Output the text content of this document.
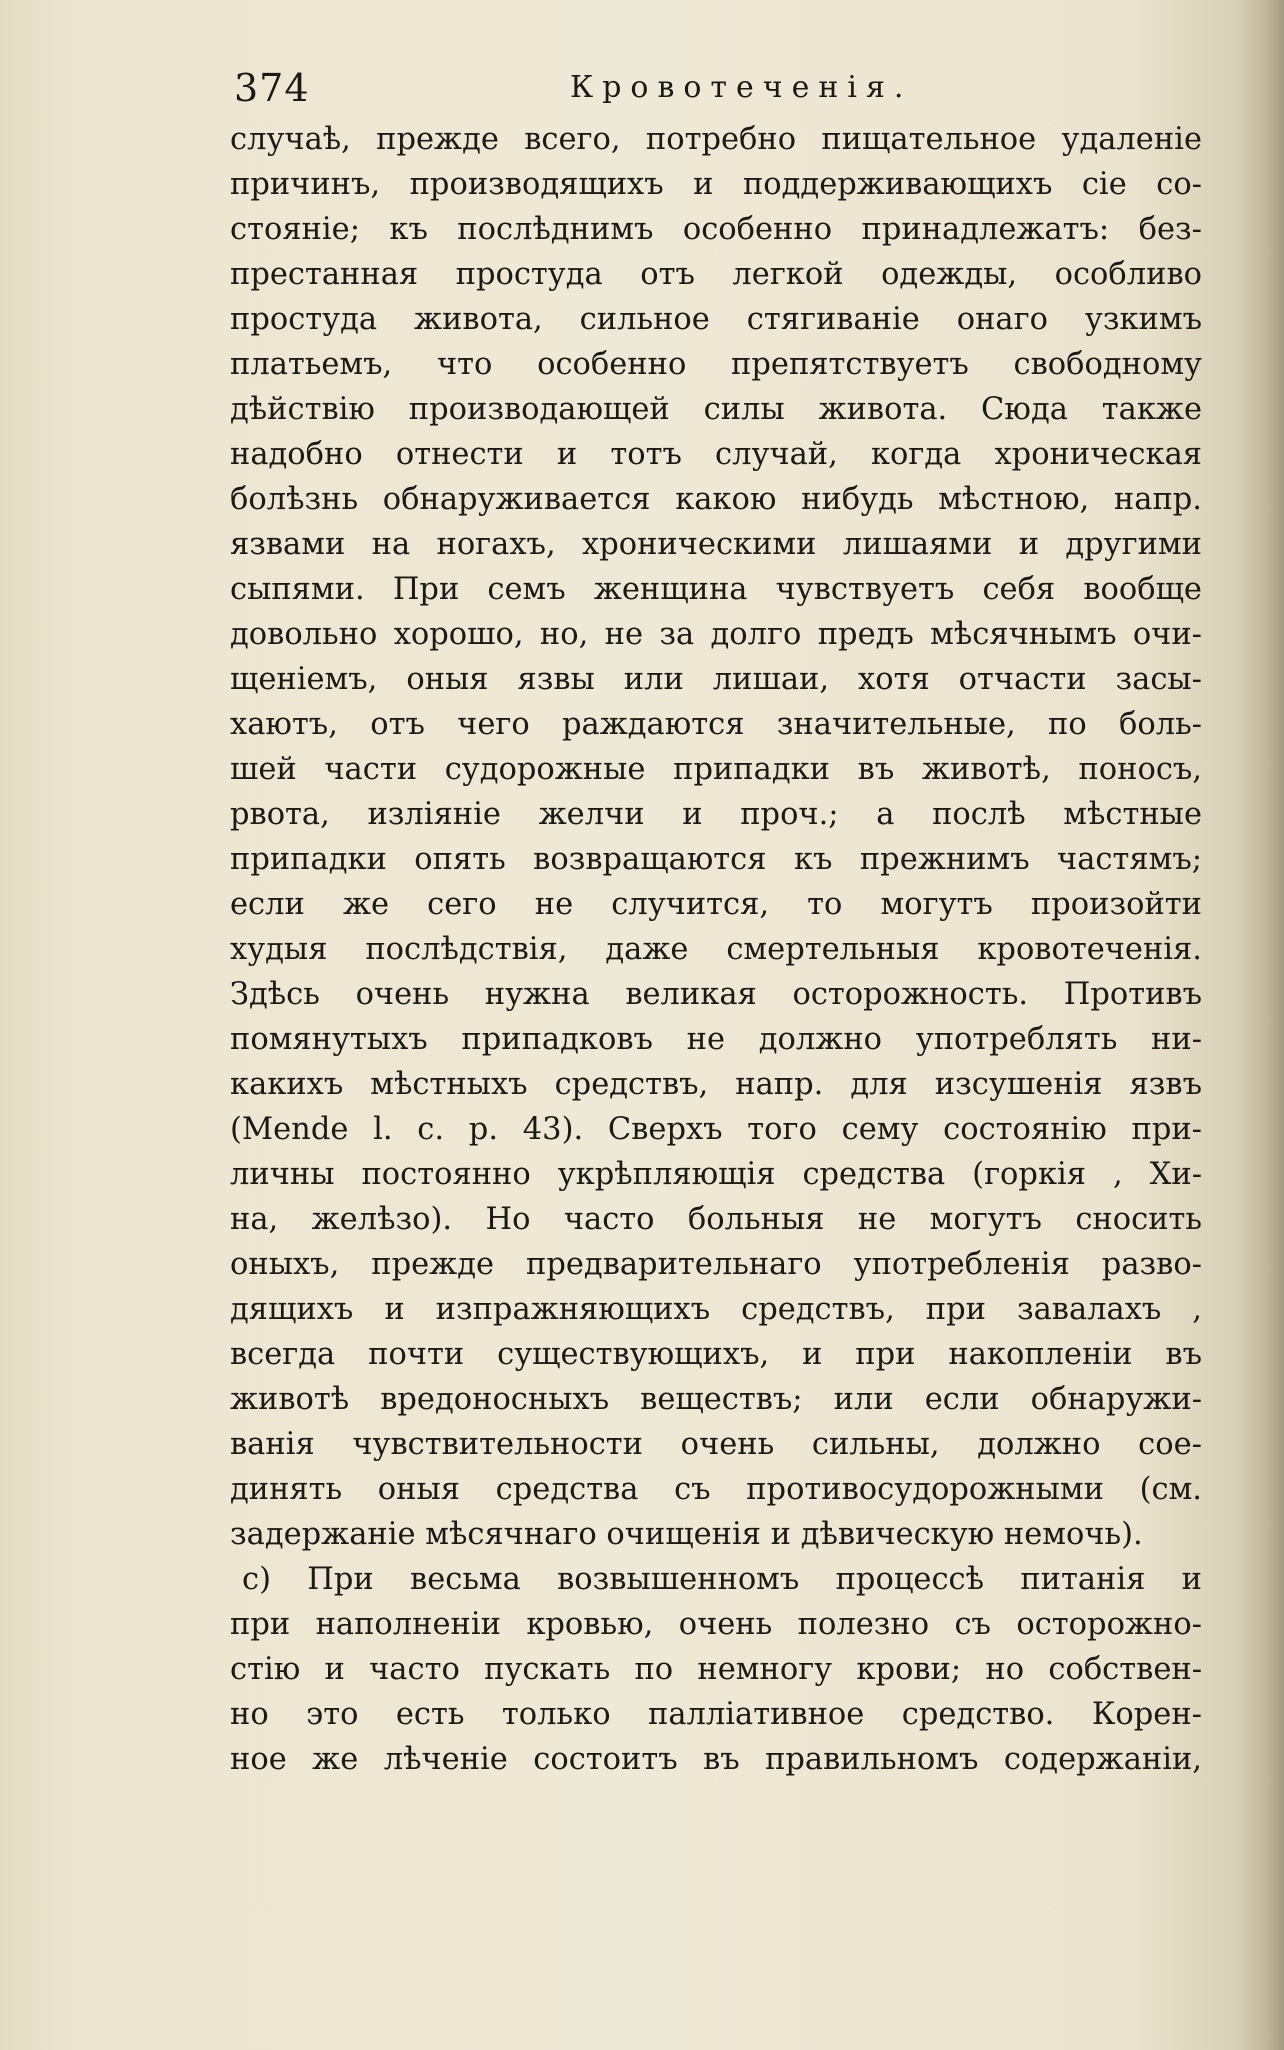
374	Кровотеченія.
случаѣ, прежде всего, потребно пищательное удаленіе
причинъ, производящихъ и поддерживающихъ сіе со-
стояніе; къ послѣднимъ особенно принадлежатъ: без-
престанная простуда отъ легкой одежды, особливо
простуда живота, сильное стягиваніе онаго узкимъ
платьемъ, что особенно препятствуетъ свободному
дѣйствію производающей силы живота. Сюда также
надобно отнести и тотъ случай, когда хроническая
болѣзнь обнаруживается какою нибудь мѣстною, напр.
язвами на ногахъ, хроническими лишаями и другими
сыпями. При семъ женщина чувствуетъ себя вообще
довольно хорошо, но, не за долго предъ мѣсячнымъ очи-
щеніемъ, оныя язвы или лишаи, хотя отчасти засы-
хаютъ, отъ чего раждаются значительные, по боль-
шей части судорожные припадки въ животѣ, поносъ,
рвота, изліяніе желчи и проч.; а послѣ мѣстные
припадки опять возвращаются къ прежнимъ частямъ;
если же сего не случится, то могутъ произойти
худыя послѣдствія, даже смертельныя кровотеченія.
Здѣсь очень нужна великая осторожность. Противъ
помянутыхъ припадковъ не должно употреблять ни-
какихъ мѣстныхъ средствъ, напр. для изсушенія язвъ
(Mende l. c. p. 43). Сверхъ того сему состоянію при-
личны постоянно укрѣпляющія средства (горкія , Хи-
на, желѣзо). Но часто больныя не могутъ сносить
оныхъ, прежде предварительнаго употребленія разво-
дящихъ и изпражняющихъ средствъ, при завалахъ ,
всегда почти существующихъ, и при накопленіи въ
животѣ вредоносныхъ веществъ; или если обнаружи-
ванія чувствительности очень сильны, должно сое-
динять оныя средства съ противосудорожными (см.
задержаніе мѣсячнаго очищенія и дѣвическую немочь).
c) При весьма возвышенномъ процессѣ питанія и
при наполненіи кровью, очень полезно съ осторожно-
стію и часто пускать по немногу крови; но собствен-
но это есть только палліативное средство. Корен-
ное же лѣченіе состоитъ въ правильномъ содержаніи,
